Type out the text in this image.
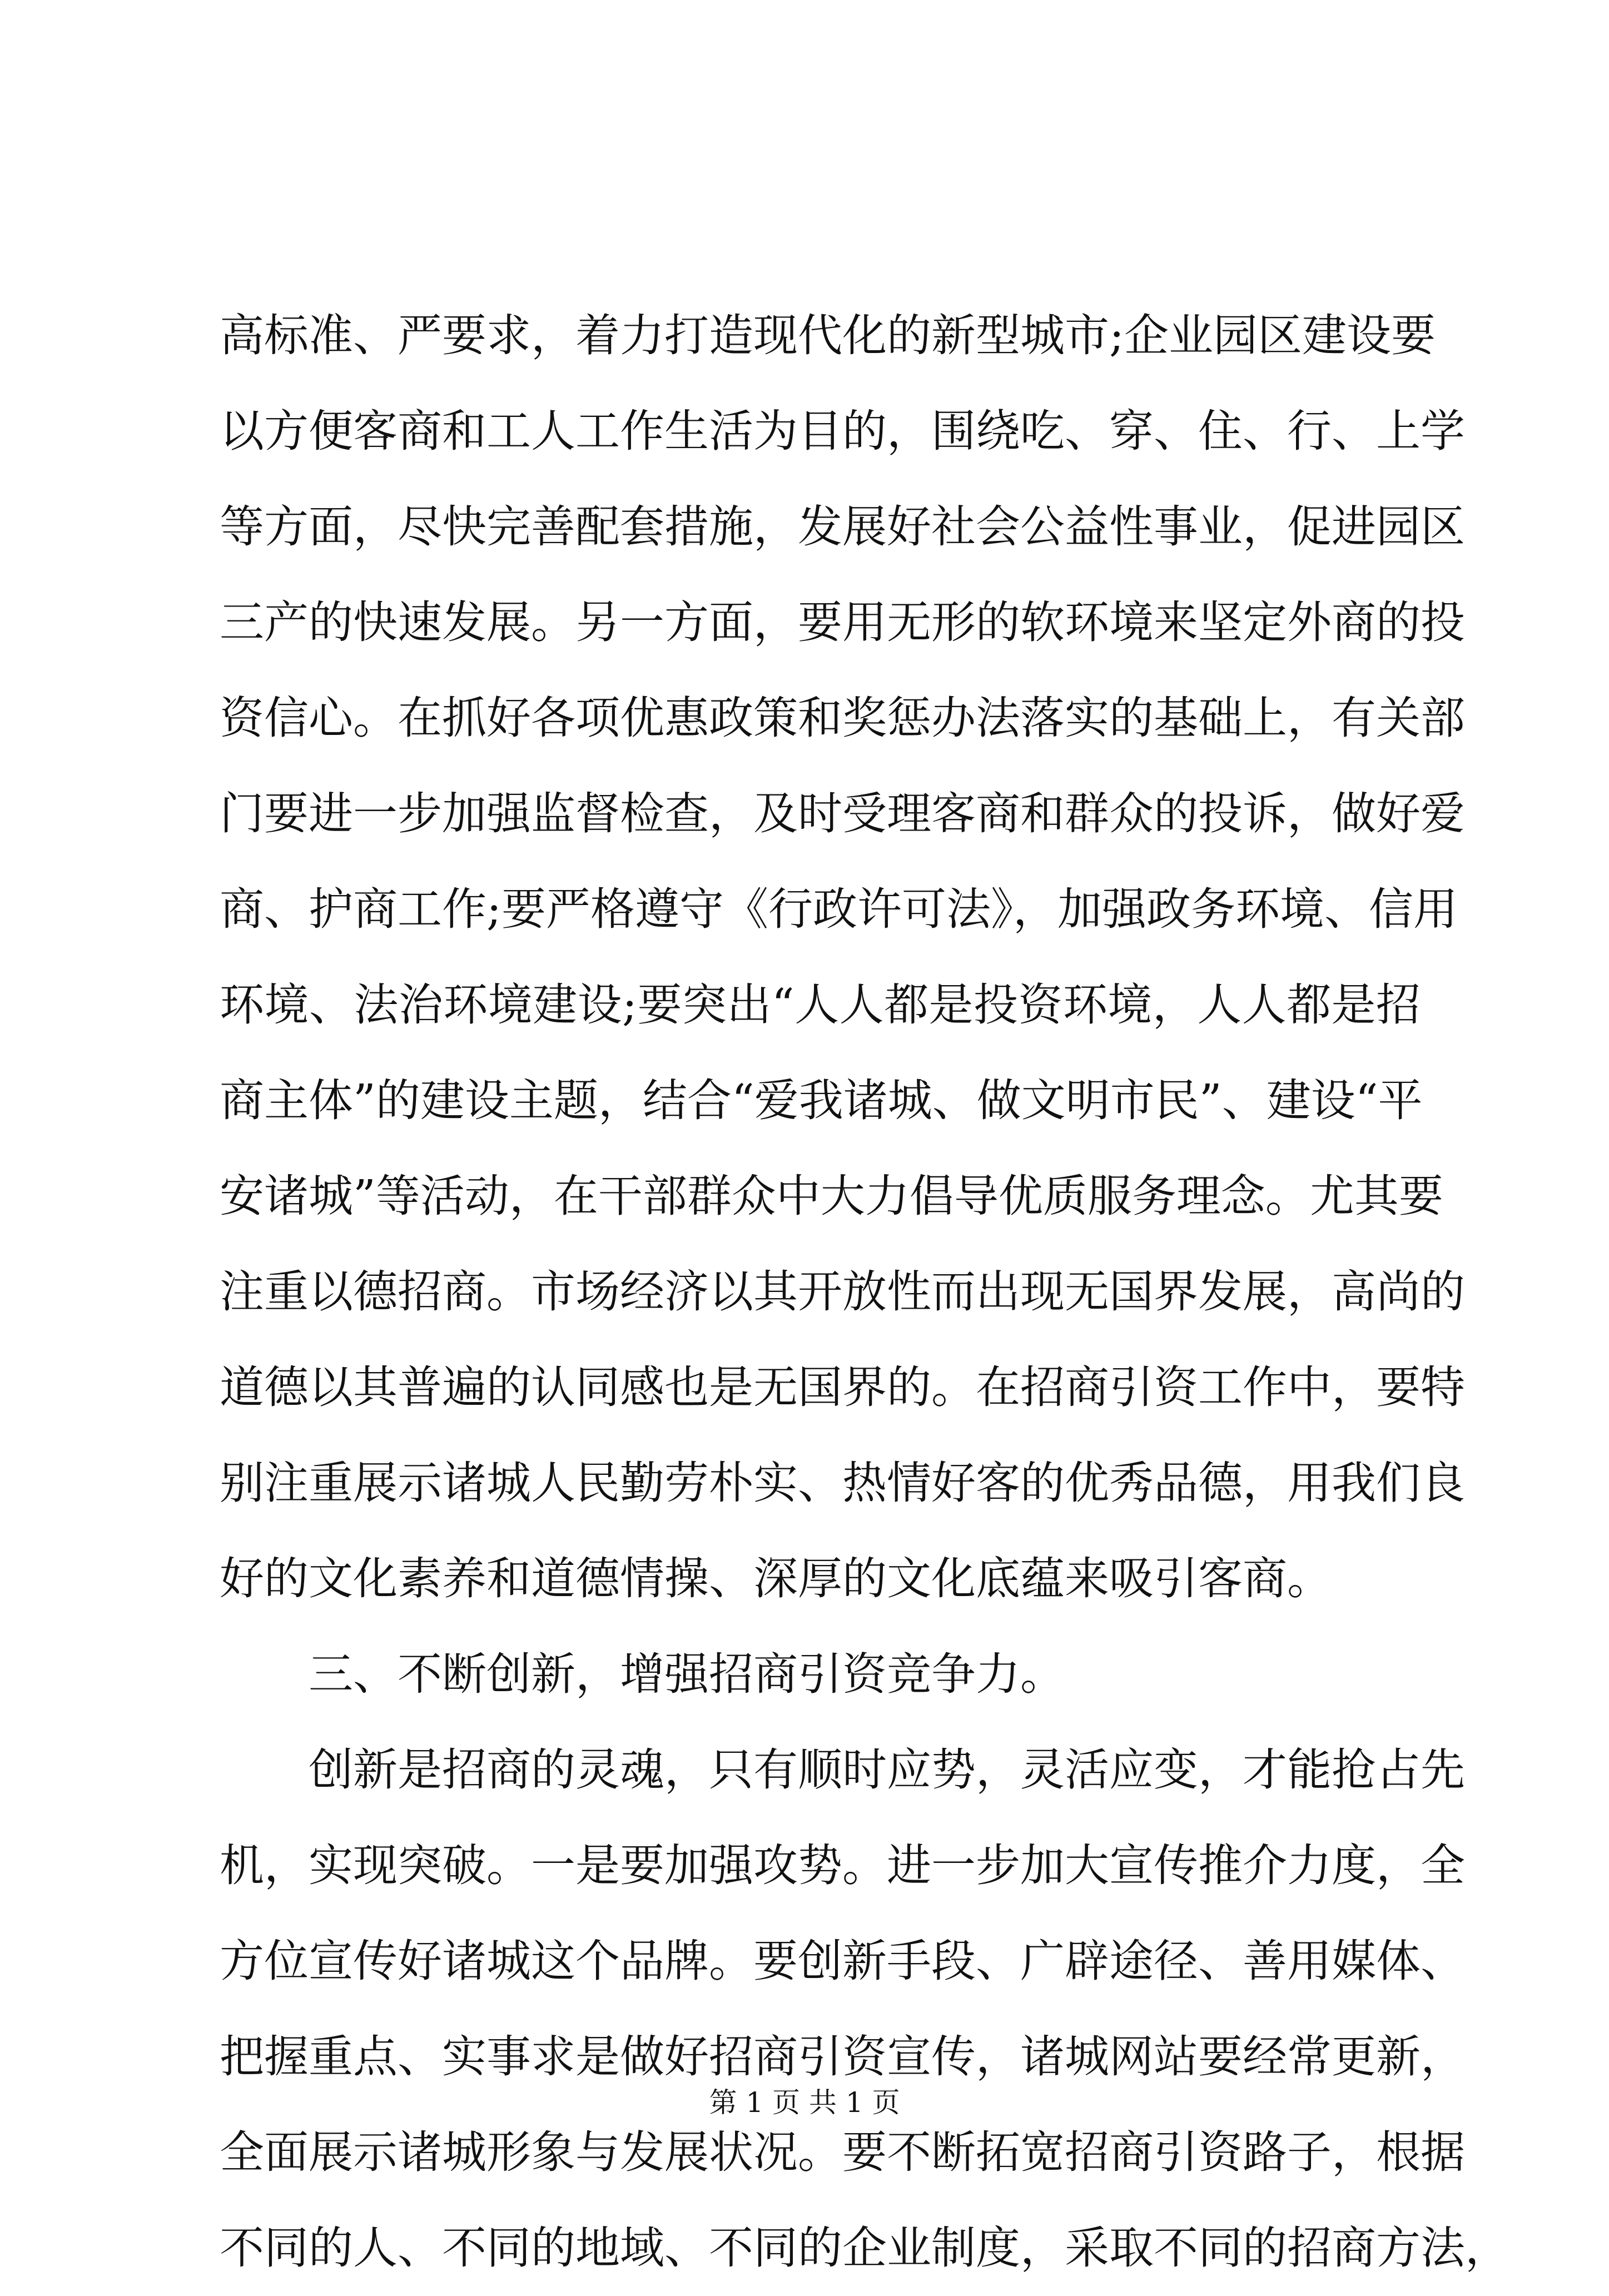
高标准、严要求，着力打造现代化的新型城市;企业园区建设要
以方便客商和工人工作生活为目的，围绕吃、穿、住、行、上学
等方面，尽快完善配套措施，发展好社会公益性事业，促进园区
三产的快速发展。另一方面，要用无形的软环境来坚定外商的投
资信心。在抓好各项优惠政策和奖惩办法落实的基础上，有关部
门要进一步加强监督检查，及时受理客商和群众的投诉，做好爱
商、护商工作;要严格遵守《行政许可法》，加强政务环境、信用
环境、法治环境建设;要突出“人人都是投资环境，人人都是招
商主体”的建设主题，结合“爱我诸城、做文明市民”、建设“平
安诸城”等活动，在干部群众中大力倡导优质服务理念。尤其要
注重以德招商。市场经济以其开放性而出现无国界发展，高尚的
道德以其普遍的认同感也是无国界的。在招商引资工作中，要特
别注重展示诸城人民勤劳朴实、热情好客的优秀品德，用我们良
好的文化素养和道德情操、深厚的文化底蕴来吸引客商。
三、不断创新，增强招商引资竞争力。
创新是招商的灵魂，只有顺时应势，灵活应变，才能抢占先
机，实现突破。一是要加强攻势。进一步加大宣传推介力度，全
方位宣传好诸城这个品牌。要创新手段、广辟途径、善用媒体、
把握重点、实事求是做好招商引资宣传，诸城网站要经常更新，
全面展示诸城形象与发展状况。要不断拓宽招商引资路子，根据
不同的人、不同的地域、不同的企业制度，采取不同的招商方法，
第 1 页 共 1 页
